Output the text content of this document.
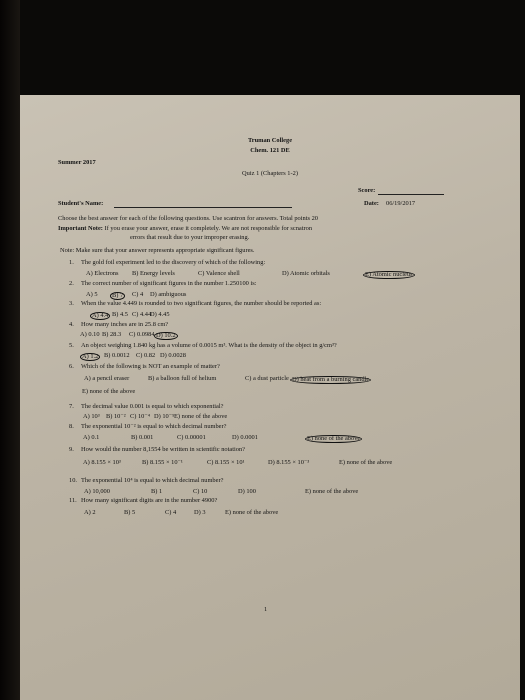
Truman College
Chem. 121 DE
Summer 2017
Quiz 1 (Chapters 1-2)
Score:
Student's Name:	Date: 06/19/2017
Choose the best answer for each of the following questions. Use scantron for answers. Total points 20
Important Note: If you erase your answer, erase it completely. We are not responsible for scnatron
errors that result due to your improper erasing.
Note: Make sure that your answer represents appropriate significant figures.
1. The gold foil experiment led to the discovery of which of the following:
A) Electrons B) Energy levels	C) Valence shell	D) Atomic orbitals	E) Atomic nucleus
2. The correct number of significant figures in the number 1.250100 is:
A) 5	B) 7	C) 4 D) ambiguous
3. When the value 4.449 is rounded to two significant figures, the number should be reported as:
A) 4.4 B) 4.5 C) 4.44
D) 4.45
4. How many inches are in 25.8 cm?
A) 0.10 B) 28.3 C) 0.0984 D) 10.2
5. An object weighing 1.840 kg has a volume of 0.0015 m³. What is the density of the object in g/cm³?
A) 1.2 B) 0.0012 C) 0.82 D) 0.0028
6. Which of the following is NOT an example of matter?
A) a pencil eraser	B) a balloon full of helium	C) a dust particle D) heat from a burning candle
E) none of the above
7. The decimal value 0.001 is equal to which exponential?
A) 10³ B) 10⁻² C) 10⁻⁴ D) 10⁻⁵ E) none of the above
8. The exponential 10⁻² is equal to which decimal number?
A) 0.1	B) 0.001	C) 0.00001	D) 0.0001	E) none of the above
9. How would the number 8,1554 be written in scientific notation?
A) 8.155 × 10³	B) 8.155 × 10⁻¹	C) 8.155 × 10¹	D) 8.155 × 10⁻³	E) none of the above
10. The exponential 10⁴ is equal to which decimal number?
A) 10,000	B) 1	C) 10	D) 100	E) none of the above
11. How many significant digits are in the number 4900?
A) 2	B) 5	C) 4	D) 3	E) none of the above
1
